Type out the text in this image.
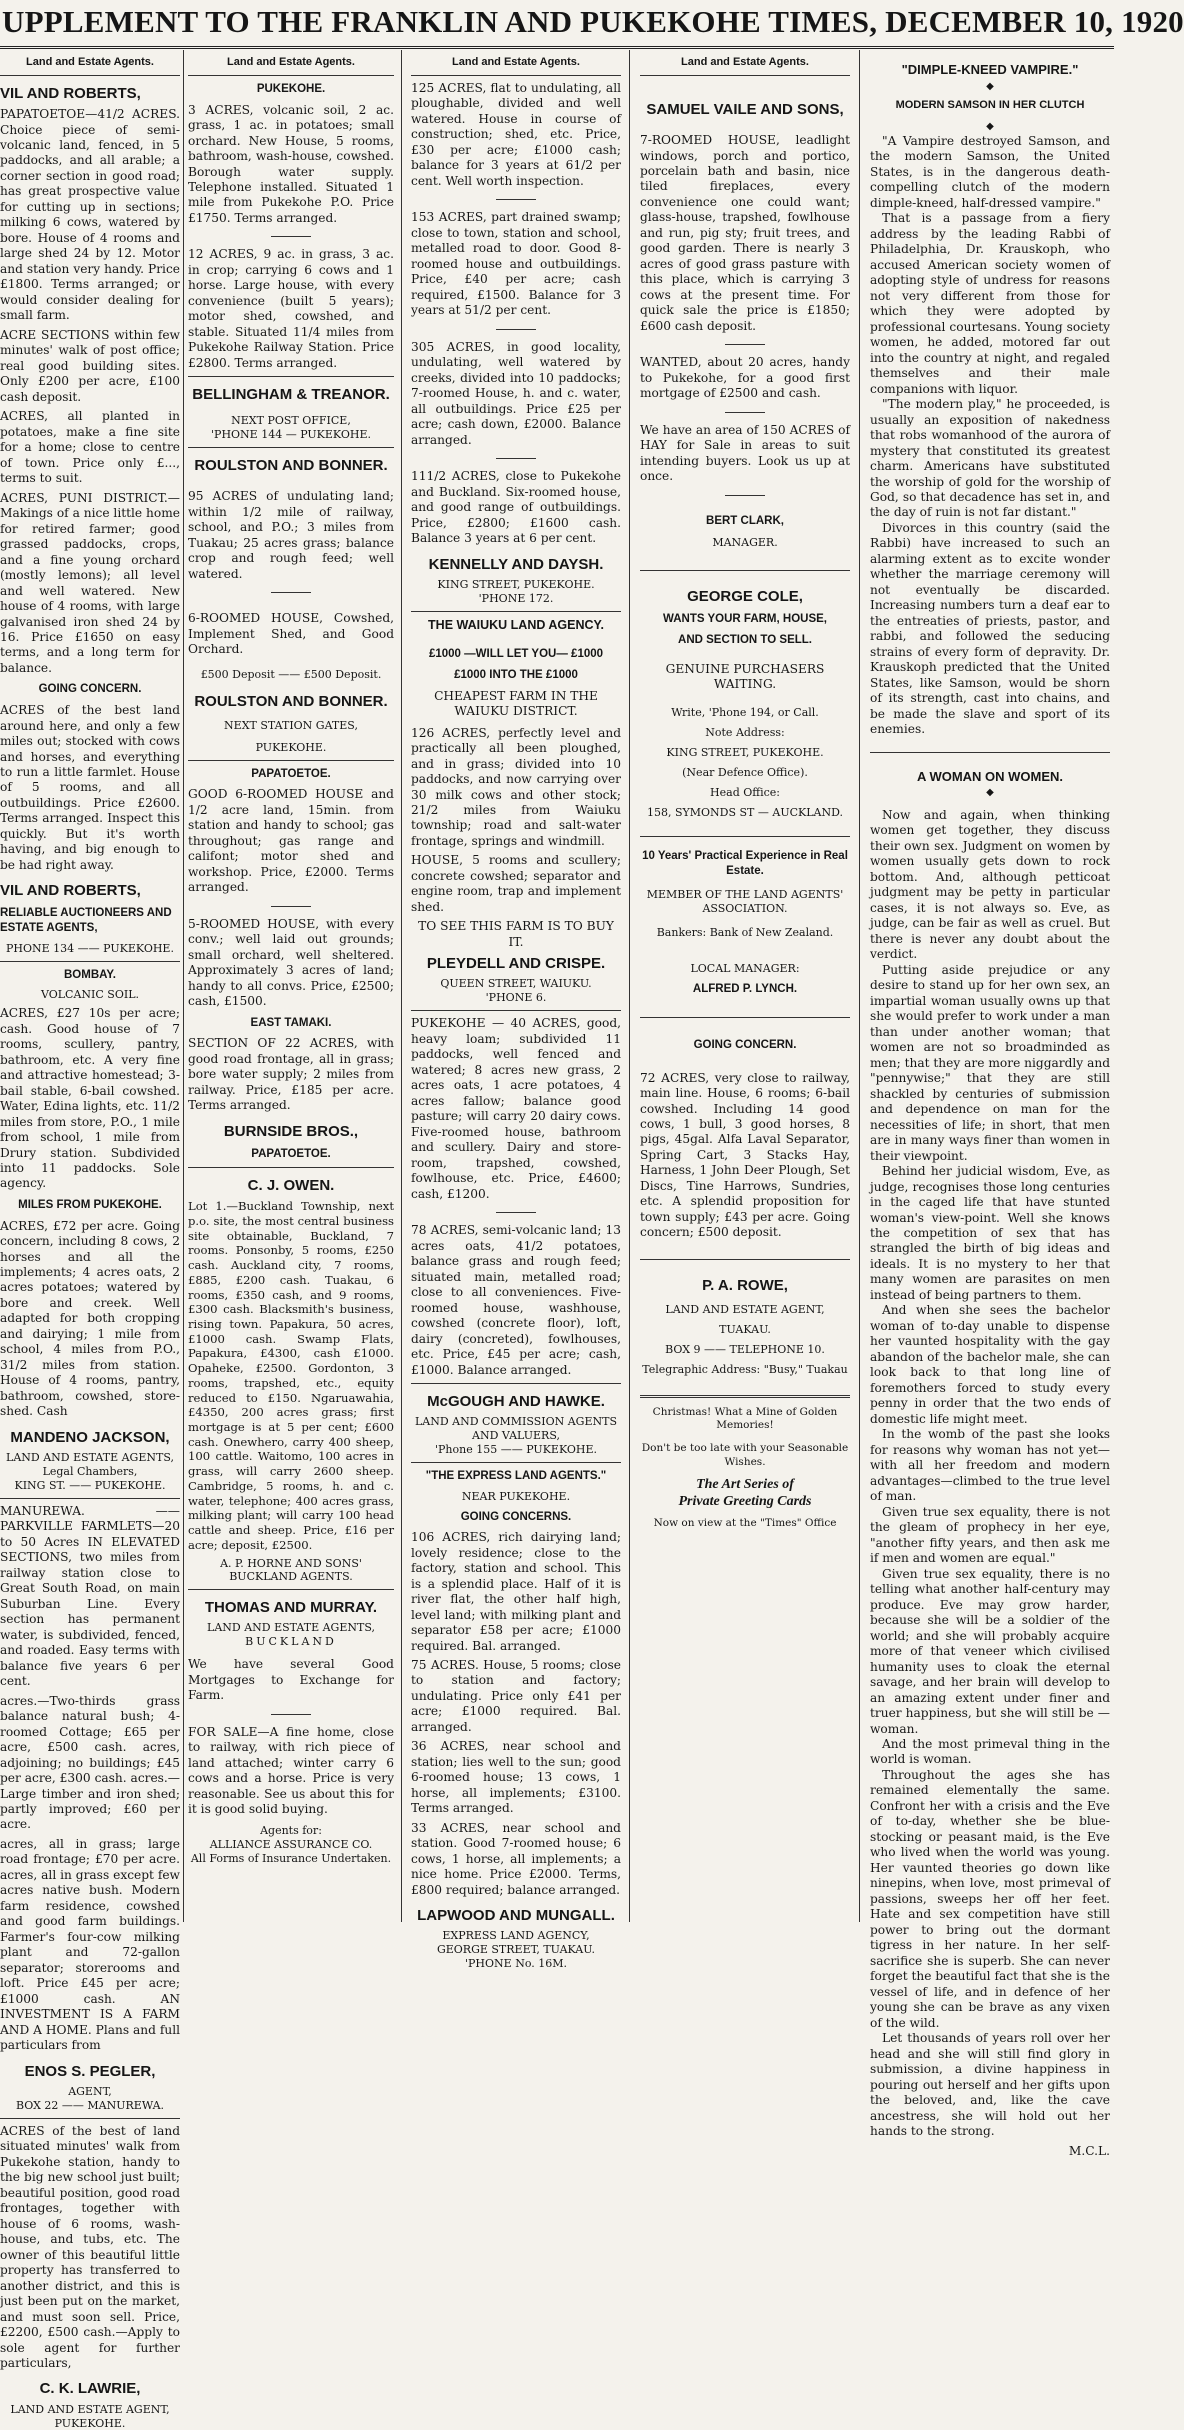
UPPLEMENT TO THE FRANKLIN AND PUKEKOHE TIMES, DECEMBER 10, 1920
Land and Estate Agents.
VIL AND ROBERTS,
PAPATOETOE—41/2 ACRES. Choice piece of semi-volcanic land, fenced, in 5 paddocks, and all arable; a corner section in good road; has great prospective value for cutting up in sections; milking 6 cows, watered by bore. House of 4 rooms and large shed 24 by 12. Motor and station very handy. Price £1800. Terms arranged; or would consider dealing for small farm.
ACRE SECTIONS within few minutes' walk of post office; real good building sites. Only £200 per acre, £100 cash deposit.
ACRES, all planted in potatoes, make a fine site for a home; close to centre of town. Price only £..., terms to suit.
ACRES, PUNI DISTRICT.—Makings of a nice little home for retired farmer; good grassed paddocks, crops, and a fine young orchard (mostly lemons); all level and well watered. New house of 4 rooms, with large galvanised iron shed 24 by 16. Price £1650 on easy terms, and a long term for balance.
GOING CONCERN.
ACRES of the best land around here, and only a few miles out; stocked with cows and horses, and everything to run a little farmlet. House of 5 rooms, and all outbuildings. Price £2600. Terms arranged. Inspect this quickly. But it's worth having, and big enough to be had right away.
VIL AND ROBERTS,
RELIABLE AUCTIONEERS AND ESTATE AGENTS,
PHONE 134 —— PUKEKOHE.
BOMBAY.
VOLCANIC SOIL.
ACRES, £27 10s per acre; cash. Good house of 7 rooms, scullery, pantry, bathroom, etc. A very fine and attractive homestead; 3-bail stable, 6-bail cowshed. Water, Edina lights, etc. 11/2 miles from store, P.O., 1 mile from school, 1 mile from Drury station. Subdivided into 11 paddocks. Sole agency.
MILES FROM PUKEKOHE.
ACRES, £72 per acre. Going concern, including 8 cows, 2 horses and all the implements; 4 acres oats, 2 acres potatoes; watered by bore and creek. Well adapted for both cropping and dairying; 1 mile from school, 4 miles from P.O., 31/2 miles from station. House of 4 rooms, pantry, bathroom, cowshed, store-shed. Cash
MANDENO JACKSON,
LAND AND ESTATE AGENTS,
Legal Chambers,
KING ST. —— PUKEKOHE.
MANUREWA. —— PARKVILLE FARMLETS—20 to 50 Acres IN ELEVATED SECTIONS, two miles from railway station close to Great South Road, on main Suburban Line. Every section has permanent water, is subdivided, fenced, and roaded. Easy terms with balance five years 6 per cent.
acres.—Two-thirds grass balance natural bush; 4-roomed Cottage; £65 per acre, £500 cash. acres, adjoining; no buildings; £45 per acre, £300 cash. acres.—Large timber and iron shed; partly improved; £60 per acre.
acres, all in grass; large road frontage; £70 per acre. acres, all in grass except few acres native bush. Modern farm residence, cowshed and good farm buildings. Farmer's four-cow milking plant and 72-gallon separator; storerooms and loft. Price £45 per acre; £1000 cash. AN INVESTMENT IS A FARM AND A HOME. Plans and full particulars from
ENOS S. PEGLER,
AGENT,
BOX 22 —— MANUREWA.
ACRES of the best of land situated minutes' walk from Pukekohe station, handy to the big new school just built; beautiful position, good road frontages, together with house of 6 rooms, wash-house, and tubs, etc. The owner of this beautiful little property has transferred to another district, and this is just been put on the market, and must soon sell. Price, £2200, £500 cash.—Apply to sole agent for further particulars,
C. K. LAWRIE,
LAND AND ESTATE AGENT,
PUKEKOHE.
Land and Estate Agents.
PUKEKOHE.
3 ACRES, volcanic soil, 2 ac. grass, 1 ac. in potatoes; small orchard. New House, 5 rooms, bathroom, wash-house, cowshed. Borough water supply. Telephone installed. Situated 1 mile from Pukekohe P.O. Price £1750. Terms arranged.
12 ACRES, 9 ac. in grass, 3 ac. in crop; carrying 6 cows and 1 horse. Large house, with every convenience (built 5 years); motor shed, cowshed, and stable. Situated 11/4 miles from Pukekohe Railway Station. Price £2800. Terms arranged.
BELLINGHAM & TREANOR.
NEXT POST OFFICE,
'PHONE 144 — PUKEKOHE.
ROULSTON AND BONNER.
95 ACRES of undulating land; within 1/2 mile of railway, school, and P.O.; 3 miles from Tuakau; 25 acres grass; balance crop and rough feed; well watered.
6-ROOMED HOUSE, Cowshed, Implement Shed, and Good Orchard.
£500 Deposit —— £500 Deposit.
ROULSTON AND BONNER.
NEXT STATION GATES,
PUKEKOHE.
PAPATOETOE.
GOOD 6-ROOMED HOUSE and 1/2 acre land, 15min. from station and handy to school; gas throughout; gas range and califont; motor shed and workshop. Price, £2000. Terms arranged.
5-ROOMED HOUSE, with every conv.; well laid out grounds; small orchard, well sheltered. Approximately 3 acres of land; handy to all convs. Price, £2500; cash, £1500.
EAST TAMAKI.
SECTION OF 22 ACRES, with good road frontage, all in grass; bore water supply; 2 miles from railway. Price, £185 per acre. Terms arranged.
BURNSIDE BROS.,
PAPATOETOE.
C. J. OWEN.
Lot 1.—Buckland Township, next p.o. site, the most central business site obtainable, Buckland, 7 rooms. Ponsonby, 5 rooms, £250 cash. Auckland city, 7 rooms, £885, £200 cash. Tuakau, 6 rooms, £350 cash, and 9 rooms, £300 cash. Blacksmith's business, rising town. Papakura, 50 acres, £1000 cash. Swamp Flats, Papakura, £4300, cash £1000. Opaheke, £2500. Gordonton, 3 rooms, trapshed, etc., equity reduced to £150. Ngaruawahia, £4350, 200 acres grass; first mortgage is at 5 per cent; £600 cash. Onewhero, carry 400 sheep, 100 cattle. Waitomo, 100 acres in grass, will carry 2600 sheep. Cambridge, 5 rooms, h. and c. water, telephone; 400 acres grass, milking plant; will carry 100 head cattle and sheep. Price, £16 per acre; deposit, £2500.
A. P. HORNE AND SONS'
BUCKLAND AGENTS.
THOMAS AND MURRAY.
LAND AND ESTATE AGENTS,
BUCKLAND
We have several Good Mortgages to Exchange for Farm.
FOR SALE—A fine home, close to railway, with rich piece of land attached; winter carry 6 cows and a horse. Price is very reasonable. See us about this for it is good solid buying.
Agents for:
ALLIANCE ASSURANCE CO.
All Forms of Insurance Undertaken.
Land and Estate Agents.
125 ACRES, flat to undulating, all ploughable, divided and well watered. House in course of construction; shed, etc. Price, £30 per acre; £1000 cash; balance for 3 years at 61/2 per cent. Well worth inspection.
153 ACRES, part drained swamp; close to town, station and school, metalled road to door. Good 8-roomed house and outbuildings. Price, £40 per acre; cash required, £1500. Balance for 3 years at 51/2 per cent.
305 ACRES, in good locality, undulating, well watered by creeks, divided into 10 paddocks; 7-roomed House, h. and c. water, all outbuildings. Price £25 per acre; cash down, £2000. Balance arranged.
111/2 ACRES, close to Pukekohe and Buckland. Six-roomed house, and good range of outbuildings. Price, £2800; £1600 cash. Balance 3 years at 6 per cent.
KENNELLY AND DAYSH.
KING STREET, PUKEKOHE.
'PHONE 172.
THE WAIUKU LAND AGENCY.
£1000 —WILL LET YOU— £1000
£1000 INTO THE £1000
CHEAPEST FARM IN THE WAIUKU DISTRICT.
126 ACRES, perfectly level and practically all been ploughed, and in grass; divided into 10 paddocks, and now carrying over 30 milk cows and other stock; 21/2 miles from Waiuku township; road and salt-water frontage, springs and windmill.
HOUSE, 5 rooms and scullery; concrete cowshed; separator and engine room, trap and implement shed.
TO SEE THIS FARM IS TO BUY IT.
PLEYDELL AND CRISPE.
QUEEN STREET, WAIUKU.
'PHONE 6.
PUKEKOHE — 40 ACRES, good, heavy loam; subdivided 11 paddocks, well fenced and watered; 8 acres new grass, 2 acres oats, 1 acre potatoes, 4 acres fallow; balance good pasture; will carry 20 dairy cows. Five-roomed house, bathroom and scullery. Dairy and store-room, trapshed, cowshed, fowlhouse, etc. Price, £4600; cash, £1200.
78 ACRES, semi-volcanic land; 13 acres oats, 41/2 potatoes, balance grass and rough feed; situated main, metalled road; close to all conveniences. Five-roomed house, washhouse, cowshed (concrete floor), loft, dairy (concreted), fowlhouses, etc. Price, £45 per acre; cash, £1000. Balance arranged.
McGOUGH AND HAWKE.
LAND AND COMMISSION AGENTS AND VALUERS,
'Phone 155 —— PUKEKOHE.
"THE EXPRESS LAND AGENTS."
NEAR PUKEKOHE.
GOING CONCERNS.
106 ACRES, rich dairying land; lovely residence; close to the factory, station and school. This is a splendid place. Half of it is river flat, the other half high, level land; with milking plant and separator £58 per acre; £1000 required. Bal. arranged.
75 ACRES. House, 5 rooms; close to station and factory; undulating. Price only £41 per acre; £1000 required. Bal. arranged.
36 ACRES, near school and station; lies well to the sun; good 6-roomed house; 13 cows, 1 horse, all implements; £3100. Terms arranged.
33 ACRES, near school and station. Good 7-roomed house; 6 cows, 1 horse, all implements; a nice home. Price £2000. Terms, £800 required; balance arranged.
LAPWOOD AND MUNGALL.
EXPRESS LAND AGENCY,
GEORGE STREET, TUAKAU.
'PHONE No. 16M.
Land and Estate Agents.
SAMUEL VAILE AND SONS,
7-ROOMED HOUSE, leadlight windows, porch and portico, porcelain bath and basin, nice tiled fireplaces, every convenience one could want; glass-house, trapshed, fowlhouse and run, pig sty; fruit trees, and good garden. There is nearly 3 acres of good grass pasture with this place, which is carrying 3 cows at the present time. For quick sale the price is £1850; £600 cash deposit.
WANTED, about 20 acres, handy to Pukekohe, for a good first mortgage of £2500 and cash.
We have an area of 150 ACRES of HAY for Sale in areas to suit intending buyers. Look us up at once.
BERT CLARK,
MANAGER.
GEORGE COLE,
WANTS YOUR FARM, HOUSE,
AND SECTION TO SELL.
GENUINE PURCHASERS WAITING.
Write, 'Phone 194, or Call.
Note Address:
KING STREET, PUKEKOHE.
(Near Defence Office).
Head Office:
158, SYMONDS ST — AUCKLAND.
10 Years' Practical Experience in Real Estate.
MEMBER OF THE LAND AGENTS' ASSOCIATION.
Bankers: Bank of New Zealand.
LOCAL MANAGER:
ALFRED P. LYNCH.
GOING CONCERN.
72 ACRES, very close to railway, main line. House, 6 rooms; 6-bail cowshed. Including 14 good cows, 1 bull, 3 good horses, 8 pigs, 45gal. Alfa Laval Separator, Spring Cart, 3 Stacks Hay, Harness, 1 John Deer Plough, Set Discs, Tine Harrows, Sundries, etc. A splendid proposition for town supply; £43 per acre. Going concern; £500 deposit.
P. A. ROWE,
LAND AND ESTATE AGENT,
TUAKAU.
BOX 9 —— TELEPHONE 10.
Telegraphic Address: "Busy," Tuakau
Christmas! What a Mine of Golden Memories!
Don't be too late with your Seasonable Wishes.
The Art Series of
Private Greeting Cards
Now on view at the "Times" Office
"DIMPLE-KNEED VAMPIRE."
◆
MODERN SAMSON IN HER CLUTCH
◆

"A Vampire destroyed Samson, and the modern Samson, the United States, is in the dangerous death-compelling clutch of the modern dimple-kneed, half-dressed vampire."

That is a passage from a fiery address by the leading Rabbi of Philadelphia, Dr. Krauskoph, who accused American society women of adopting style of undress for reasons not very different from those for which they were adopted by professional courtesans. Young society women, he added, motored far out into the country at night, and regaled themselves and their male companions with liquor.

"The modern play," he proceeded, is usually an exposition of nakedness that robs womanhood of the aurora of mystery that constituted its greatest charm. Americans have substituted the worship of gold for the worship of God, so that decadence has set in, and the day of ruin is not far distant."

Divorces in this country (said the Rabbi) have increased to such an alarming extent as to excite wonder whether the marriage ceremony will not eventually be discarded. Increasing numbers turn a deaf ear to the entreaties of priests, pastor, and rabbi, and followed the seducing strains of every form of depravity. Dr. Krauskoph predicted that the United States, like Samson, would be shorn of its strength, cast into chains, and be made the slave and sport of its enemies.

A WOMAN ON WOMEN.
◆

Now and again, when thinking women get together, they discuss their own sex. Judgment on women by women usually gets down to rock bottom. And, although petticoat judgment may be petty in particular cases, it is not always so. Eve, as judge, can be fair as well as cruel. But there is never any doubt about the verdict.

Putting aside prejudice or any desire to stand up for her own sex, an impartial woman usually owns up that she would prefer to work under a man than under another woman; that women are not so broadminded as men; that they are more niggardly and "pennywise;" that they are still shackled by centuries of submission and dependence on man for the necessities of life; in short, that men are in many ways finer than women in their viewpoint.

Behind her judicial wisdom, Eve, as judge, recognises those long centuries in the caged life that have stunted woman's view-point. Well she knows the competition of sex that has strangled the birth of big ideas and ideals. It is no mystery to her that many women are parasites on men instead of being partners to them.

And when she sees the bachelor woman of to-day unable to dispense her vaunted hospitality with the gay abandon of the bachelor male, she can look back to that long line of foremothers forced to study every penny in order that the two ends of domestic life might meet.

In the womb of the past she looks for reasons why woman has not yet—with all her freedom and modern advantages—climbed to the true level of man.

Given true sex equality, there is not the gleam of prophecy in her eye, "another fifty years, and then ask me if men and women are equal."

Given true sex equality, there is no telling what another half-century may produce. Eve may grow harder, because she will be a soldier of the world; and she will probably acquire more of that veneer which civilised humanity uses to cloak the eternal savage, and her brain will develop to an amazing extent under finer and truer happiness, but she will still be —woman.

And the most primeval thing in the world is woman.

Throughout the ages she has remained elementally the same. Confront her with a crisis and the Eve of to-day, whether she be blue-stocking or peasant maid, is the Eve who lived when the world was young. Her vaunted theories go down like ninepins, when love, most primeval of passions, sweeps her off her feet. Hate and sex competition have still power to bring out the dormant tigress in her nature. In her self-sacrifice she is superb. She can never forget the beautiful fact that she is the vessel of life, and in defence of her young she can be brave as any vixen of the wild.

Let thousands of years roll over her head and she will still find glory in submission, a divine happiness in pouring out herself and her gifts upon the beloved, and, like the cave ancestress, she will hold out her hands to the strong.

M.C.L.
